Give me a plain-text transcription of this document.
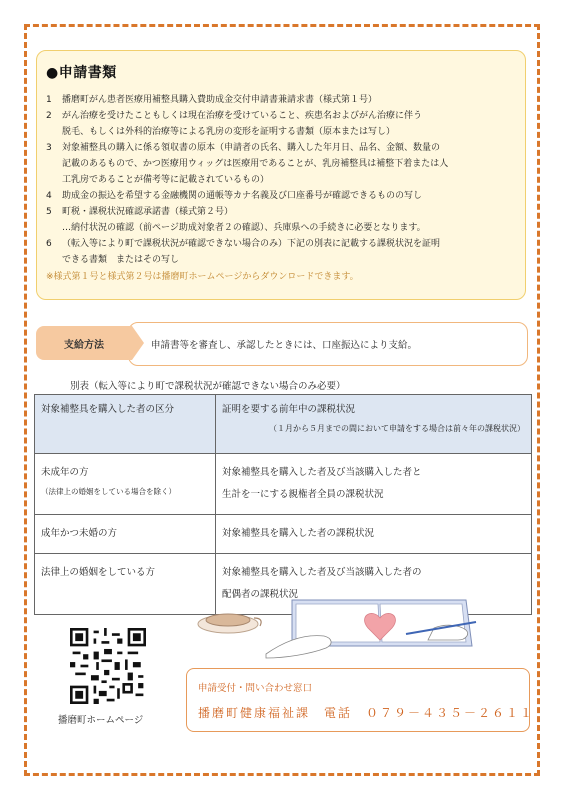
●申請書類
1	播磨町がん患者医療用補整具購入費助成金交付申請書兼請求書（様式第１号）
2	がん治療を受けたこともしくは現在治療を受けていること、疾患名およびがん治療に伴う
脱毛、もしくは外科的治療等による乳房の変形を証明する書類（原本または写し）
3	対象補整具の購入に係る領収書の原本（申請者の氏名、購入した年月日、品名、金額、数量の
記載のあるもので、かつ医療用ウィッグは医療用であることが、乳房補整具は補整下着または人
工乳房であることが備考等に記載されているもの）
4	助成金の振込を希望する金融機関の通帳等カナ名義及び口座番号が確認できるものの写し
5	町税・課税状況確認承諾書（様式第２号）
…納付状況の確認（前ページ助成対象者２の確認）、兵庫県への手続きに必要となります。
6	（転入等により町で課税状況が確認できない場合のみ）下記の別表に記載する課税状況を証明
できる書類　またはその写し
※様式第１号と様式第２号は播磨町ホームページからダウンロードできます。
申請書等を審査し、承認したときには、口座振込により支給。
支給方法
別表（転入等により町で課税状況が確認できない場合のみ必要）
対象補整具を購入した者の区分	証明を要する前年中の課税状況
（１月から５月までの間において申請をする場合は前々年の課税状況）

未成年の方
（法律上の婚姻をしている場合を除く）	対象補整具を購入した者及び当該購入した者と
生計を一にする親権者全員の課税状況
成年かつ未婚の方	対象補整具を購入した者の課税状況
法律上の婚姻をしている方	対象補整具を購入した者及び当該購入した者の
配偶者の課税状況
播磨町ホームページ
申請受付・問い合わせ窓口
播磨町健康福祉課　電話　０７９－４３５－２６１１
